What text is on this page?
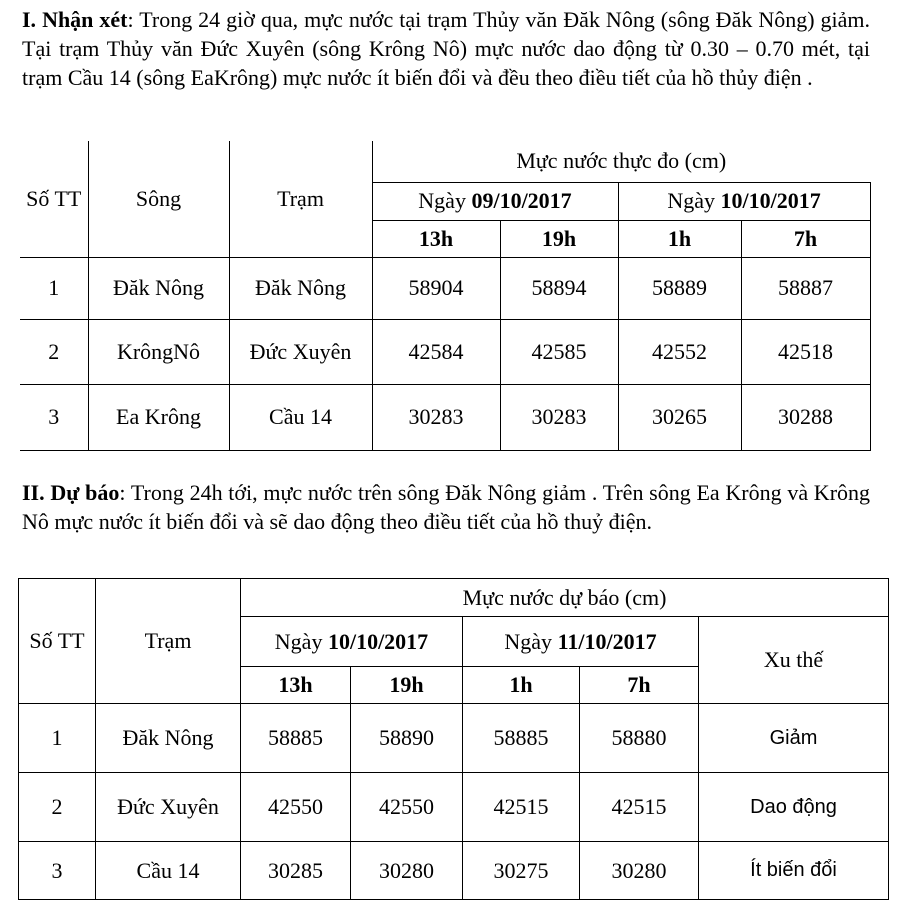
I. Nhận xét: Trong 24 giờ qua, mực nước tại trạm Thủy văn Đăk Nông (sông Đăk Nông) giảm. Tại trạm Thủy văn Đức Xuyên (sông Krông Nô) mực nước dao động từ 0.30 – 0.70 mét, tại trạm Cầu 14 (sông EaKrông) mực nước ít biến đổi và đều theo điều tiết của hồ thủy điện .
Số TT	Sông	Trạm	Mực nước thực đo (cm)			
			Ngày 09/10/2017		Ngày 10/10/2017	
			13h	19h	1h	7h
1	Đăk Nông	Đăk Nông	58904	58894	58889	58887
2	KrôngNô	Đức Xuyên	42584	42585	42552	42518
3	Ea Krông	Cầu 14	30283	30283	30265	30288
II. Dự báo: Trong 24h tới, mực nước trên sông Đăk Nông giảm . Trên sông Ea Krông và Krông Nô mực nước ít biến đổi và sẽ dao động theo điều tiết của hồ thuỷ điện.
Số TT	Trạm	Mực nước dự báo (cm)				
		Ngày 10/10/2017		Ngày 11/10/2017		Xu thế
		13h	19h	1h	7h	
1	Đăk Nông	58885	58890	58885	58880	Giảm
2	Đức Xuyên	42550	42550	42515	42515	Dao động
3	Cầu 14	30285	30280	30275	30280	Ít biến đổi
